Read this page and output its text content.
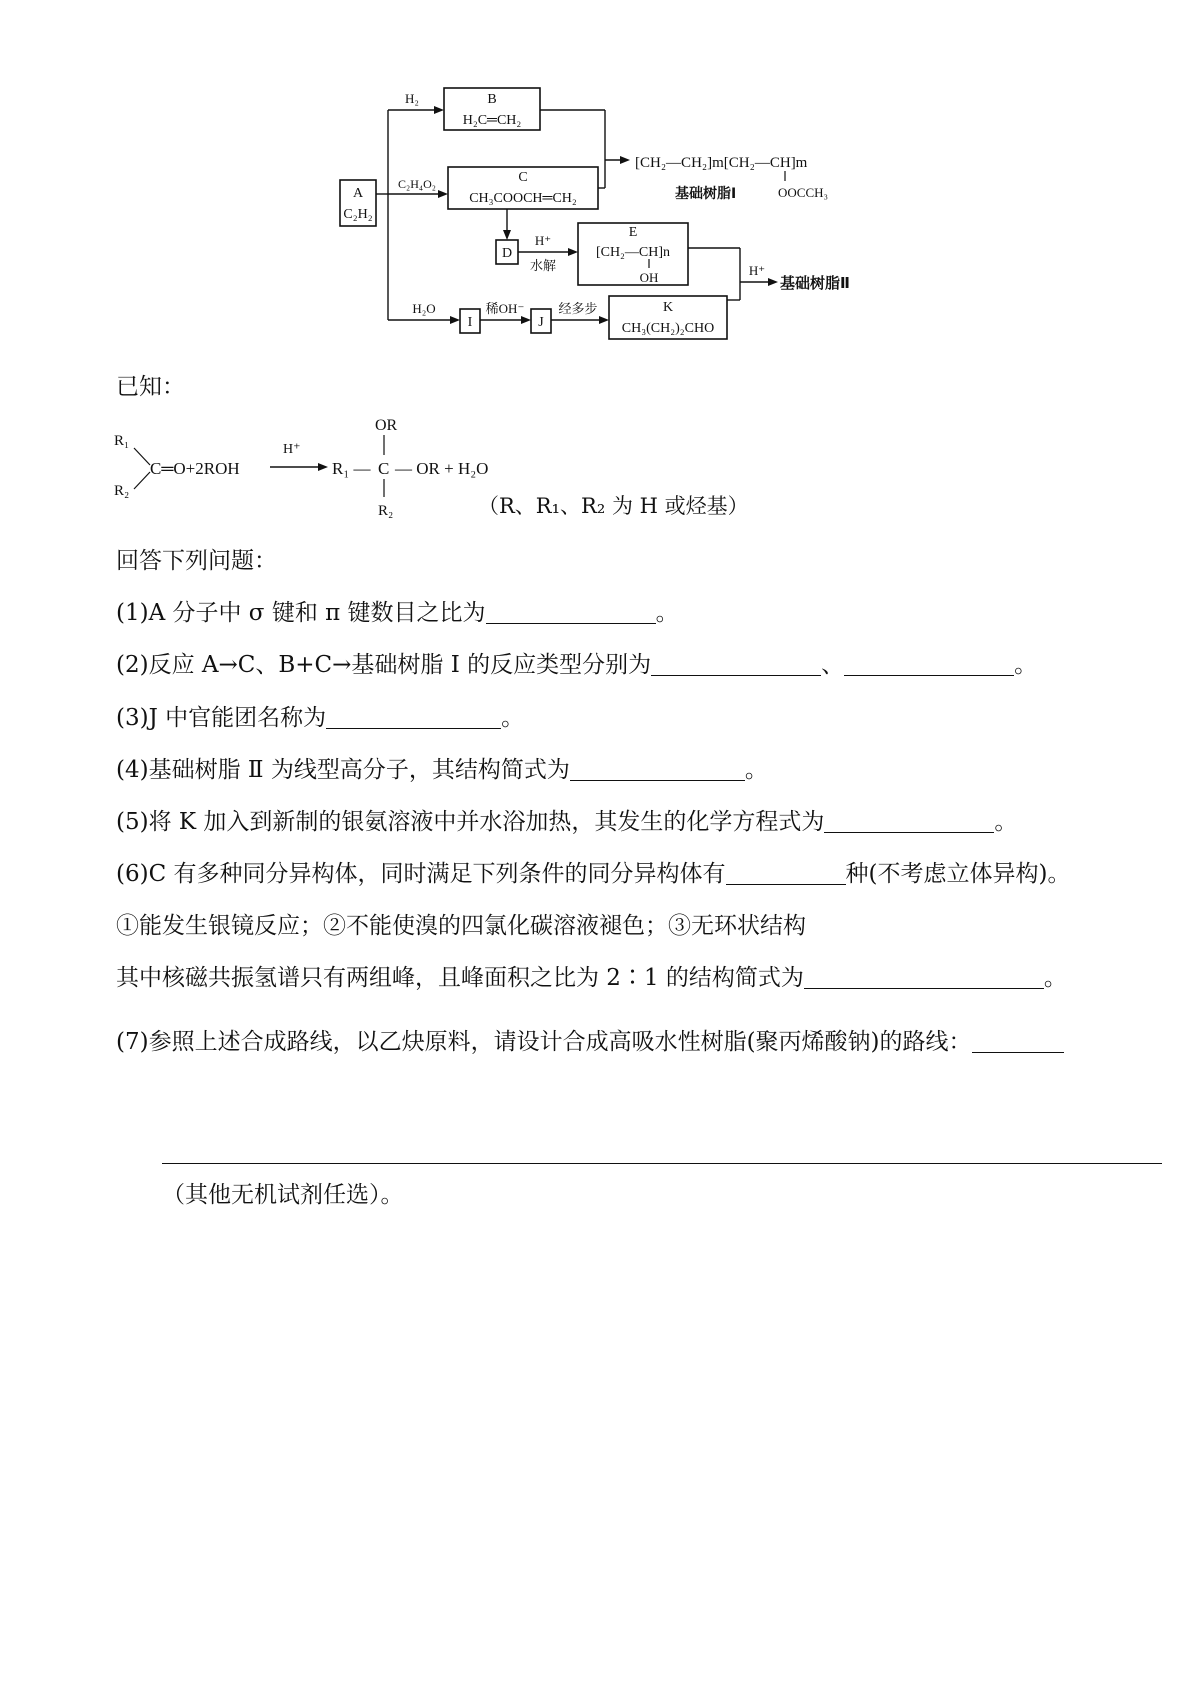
A
C₂H₂
H₂	B
H₂C═CH₂
C₂H₄O₂	C
CH₃COOCH═CH₂
[CH₂—CH₂]m[CH₂—CH]m
OOCCH₃
基础树脂Ⅰ
D
H⁺
水解
E
[CH₂—CH]n
OH
H₂O
I
稀OH⁻
J
经多步	K
CH₃(CH₂)₂CHO
H⁺
基础树脂Ⅱ
已知：
R₁
R₂
C═O+2ROH
H⁺
R₁ —
OR
C
R₂
— OR + H₂O
（R、R₁、R₂ 为 H 或烃基）
回答下列问题：
(1)A 分子中 σ 键和 π 键数目之比为	。
(2)反应 A→C、B+C→基础树脂 Ⅰ 的反应类型分别为	、	。
(3)J 中官能团名称为	。
(4)基础树脂 Ⅱ 为线型高分子，其结构简式为	。
(5)将 K 加入到新制的银氨溶液中并水浴加热，其发生的化学方程式为	。
(6)C 有多种同分异构体，同时满足下列条件的同分异构体有	种(不考虑立体异构)。
①能发生银镜反应；②不能使溴的四氯化碳溶液褪色；③无环状结构
其中核磁共振氢谱只有两组峰，且峰面积之比为 2∶1 的结构简式为	。
(7)参照上述合成路线，以乙炔原料，请设计合成高吸水性树脂(聚丙烯酸钠)的路线：
（其他无机试剂任选）。
